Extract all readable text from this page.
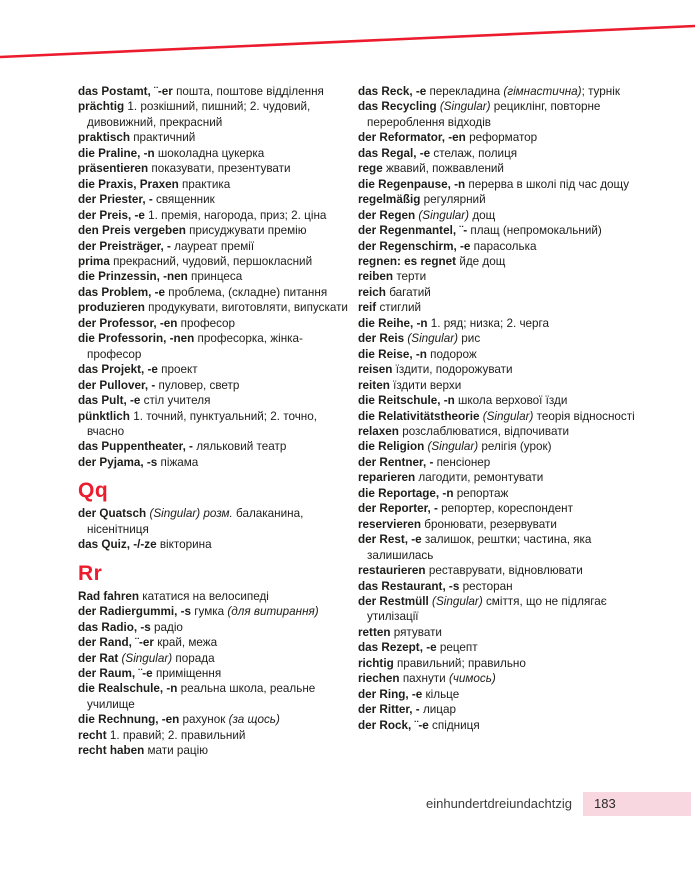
das Postamt, ¨-er пошта, поштове відділення

prächtig 1. розкішний, пишний; 2. чудовий, дивовижний, прекрасний

praktisch практичний

die Praline, -n шоколадна цукерка

präsentieren показувати, презентувати

die Praxis, Praxen практика

der Priester, - священник

der Preis, -e 1. премія, нагорода, приз; 2. ціна

den Preis vergeben присуджувати премію

der Preisträger, - лауреат премії

prima прекрасний, чудовий, першокласний

die Prinzessin, -nen принцеса

das Problem, -e проблема, (складне) питання

produzieren продукувати, виготовляти, випускати

der Professor, -en професор

die Professorin, -nen професорка, жінка-професор

das Projekt, -e проект

der Pullover, - пуловер, светр

das Pult, -e стіл учителя

pünktlich 1. точний, пунктуальний; 2. точно, вчасно

das Puppentheater, - ляльковий театр

der Pyjama, -s піжама

Qq

der Quatsch (Singular) розм. балаканина, нісенітниця

das Quiz, -/-ze вікторина

Rr

Rad fahren кататися на велосипеді

der Radiergummi, -s гумка (для витирання)

das Radio, -s радіо

der Rand, ¨-er край, межа

der Rat (Singular) порада

der Raum, ¨-e приміщення

die Realschule, -n реальна школа, реальне училище

die Rechnung, -en рахунок (за щось)

recht 1. правий; 2. правильний

recht haben мати рацію

das Reck, -e перекладина (гімнастична); турнік

das Recycling (Singular) рециклінг, повторне перероблення відходів

der Reformator, -en реформатор

das Regal, -e стелаж, полиця

rege жвавий, пожвавлений

die Regenpause, -n перерва в школі під час дощу

regelmäßig регулярний

der Regen (Singular) дощ

der Regenmantel, ¨- плащ (непромокальний)

der Regenschirm, -e парасолька

regnen: es regnet йде дощ

reiben терти

reich багатий

reif стиглий

die Reihe, -n 1. ряд; низка; 2. черга

der Reis (Singular) рис

die Reise, -n подорож

reisen їздити, подорожувати

reiten їздити верхи

die Reitschule, -n школа верхової їзди

die Relativitätstheorie (Singular) теорія відносності

relaxen розслаблюватися, відпочивати

die Religion (Singular) релігія (урок)

der Rentner, - пенсіонер

reparieren лагодити, ремонтувати

die Reportage, -n репортаж

der Reporter, - репортер, кореспондент

reservieren бронювати, резервувати

der Rest, -e залишок, рештки; частина, яка залишилась

restaurieren реставрувати, відновлювати

das Restaurant, -s ресторан

der Restmüll (Singular) сміття, що не підлягає утилізації

retten рятувати

das Rezept, -e рецепт

richtig правильний; правильно

riechen пахнути (чимось)

der Ring, -e кільце

der Ritter, - лицар

der Rock, ¨-e спідниця

einhundertdreiundachtzig	183
